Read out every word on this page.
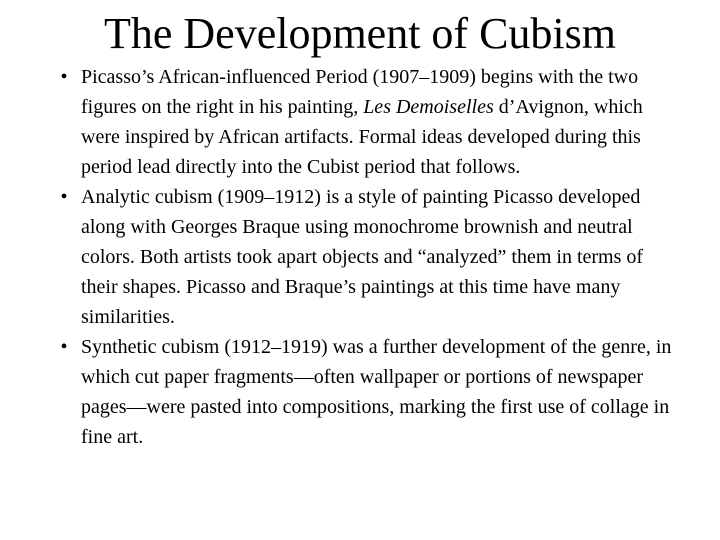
The Development of Cubism
• Picasso’s African-influenced Period (1907–1909) begins with the two figures on the right in his painting, Les Demoiselles d’Avignon, which were inspired by African artifacts. Formal ideas developed during this period lead directly into the Cubist period that follows.
• Analytic cubism (1909–1912) is a style of painting Picasso developed along with Georges Braque using monochrome brownish and neutral colors. Both artists took apart objects and “analyzed” them in terms of their shapes. Picasso and Braque’s paintings at this time have many similarities.
• Synthetic cubism (1912–1919) was a further development of the genre, in which cut paper fragments—often wallpaper or portions of newspaper pages—were pasted into compositions, marking the first use of collage in fine art.
